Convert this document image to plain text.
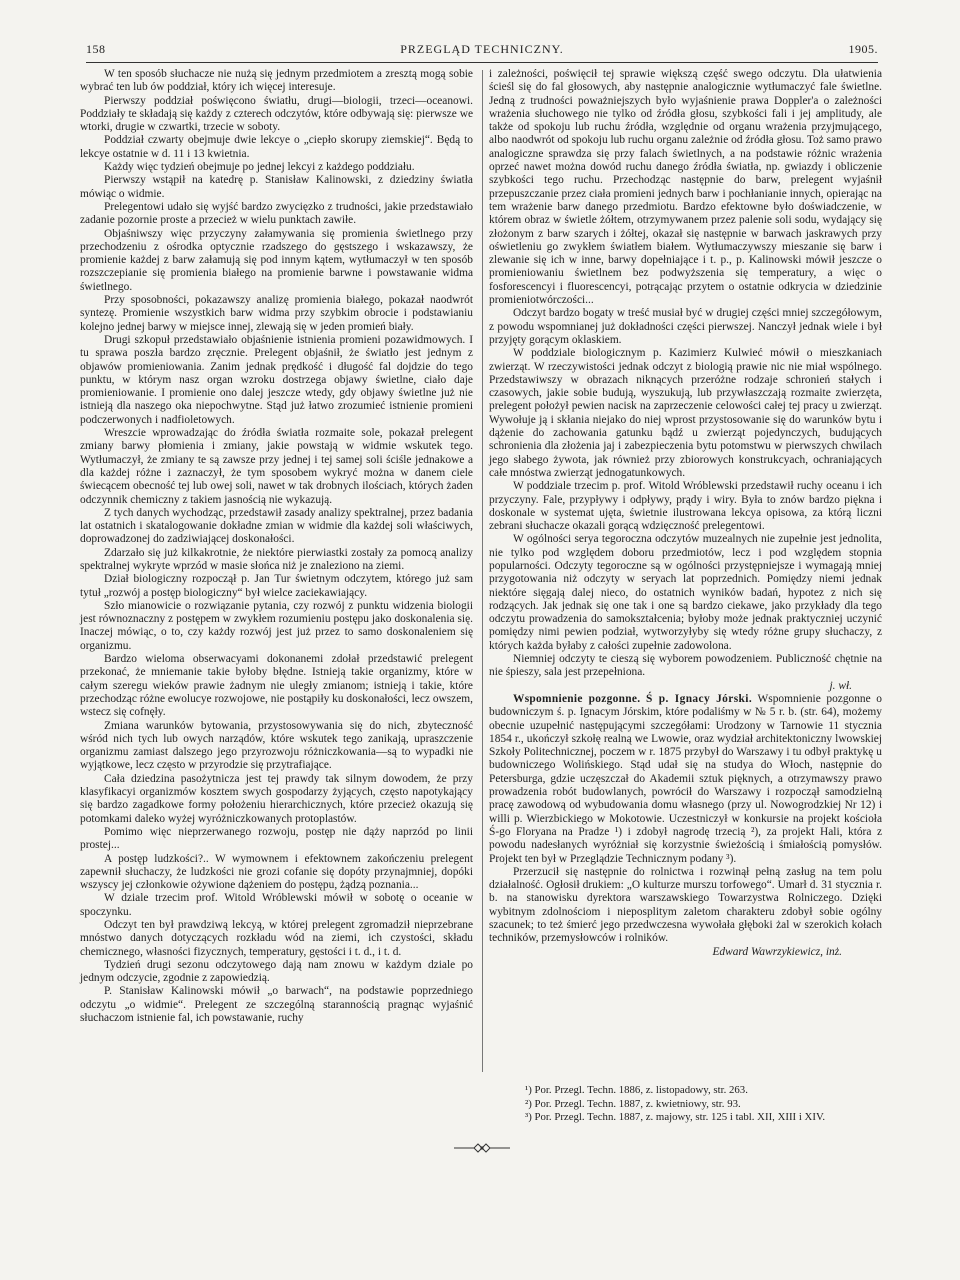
158	PRZEGLĄD TECHNICZNY.	1905.

W ten sposób słuchacze nie nużą się jednym przedmiotem a zresztą mogą sobie wybrać ten lub ów poddział, który ich więcej interesuje.

Pierwszy poddział poświęcono światłu, drugi—biologii, trzeci—oceanowi. Poddziały te składają się każdy z czterech odczytów, które odbywają się: pierwsze we wtorki, drugie w czwartki, trzecie w soboty.

Poddział czwarty obejmuje dwie lekcye o „ciepło skorupy ziemskiej“. Będą to lekcye ostatnie w d. 11 i 13 kwietnia.

Każdy więc tydzień obejmuje po jednej lekcyi z każdego poddziału.

Pierwszy wstąpił na katedrę p. Stanisław Kalinowski, z dziedziny światła mówiąc o widmie.

Prelegentowi udało się wyjść bardzo zwycięzko z trudności, jakie przedstawiało zadanie pozornie proste a przecież w wielu punktach zawiłe.

Objaśniwszy więc przyczyny załamywania się promienia świetlnego przy przechodzeniu z ośrodka optycznie rzadszego do gęstszego i wskazawszy, że promienie każdej z barw załamują się pod innym kątem, wytłumaczył w ten sposób rozszczepianie się promienia białego na promienie barwne i powstawanie widma świetlnego.

Przy sposobności, pokazawszy analizę promienia białego, pokazał naodwrót syntezę. Promienie wszystkich barw widma przy szybkim obrocie i podstawianiu kolejno jednej barwy w miejsce innej, zlewają się w jeden promień biały.

Drugi szkopuł przedstawiało objaśnienie istnienia promieni pozawidmowych. I tu sprawa poszła bardzo zręcznie. Prelegent objaśnił, że światło jest jednym z objawów promieniowania. Zanim jednak prędkość i długość fal dojdzie do tego punktu, w którym nasz organ wzroku dostrzega objawy świetlne, ciało daje promieniowanie. I promienie ono dalej jeszcze wtedy, gdy objawy świetlne już nie istnieją dla naszego oka niepochwytne. Stąd już łatwo zrozumieć istnienie promieni podczerwonych i nadfioletowych.

Wreszcie wprowadzając do źródła światła rozmaite sole, pokazał prelegent zmiany barwy płomienia i zmiany, jakie powstają w widmie wskutek tego. Wytłumaczył, że zmiany te są zawsze przy jednej i tej samej soli ściśle jednakowe a dla każdej różne i zaznaczył, że tym sposobem wykryć można w danem ciele świecącem obecność tej lub owej soli, nawet w tak drobnych ilościach, których żaden odczynnik chemiczny z takiem jasnością nie wykazują.

Z tych danych wychodząc, przedstawił zasady analizy spektralnej, przez badania lat ostatnich i skatalogowanie dokładne zmian w widmie dla każdej soli właściwych, doprowadzonej do zadziwiającej doskonałości.

Zdarzało się już kilkakrotnie, że niektóre pierwiastki zostały za pomocą analizy spektralnej wykryte wprzód w masie słońca niż je znaleziono na ziemi.

Dział biologiczny rozpoczął p. Jan Tur świetnym odczytem, którego już sam tytuł „rozwój a postęp biologiczny“ był wielce zaciekawiający.

Szło mianowicie o rozwiązanie pytania, czy rozwój z punktu widzenia biologii jest równoznaczny z postępem w zwykłem rozumieniu postępu jako doskonalenia się. Inaczej mówiąc, o to, czy każdy rozwój jest już przez to samo doskonaleniem się organizmu.

Bardzo wieloma obserwacyami dokonanemi zdołał przedstawić prelegent przekonać, że mniemanie takie byłoby błędne. Istnieją takie organizmy, które w całym szeregu wieków prawie żadnym nie uległy zmianom; istnieją i takie, które przechodząc różne ewolucye rozwojowe, nie postąpiły ku doskonałości, lecz owszem, wstecz się cofnęły.

Zmiana warunków bytowania, przystosowywania się do nich, zbyteczność wśród nich tych lub owych narządów, które wskutek tego zanikają, upraszczenie organizmu zamiast dalszego jego przyrozwoju różniczkowania—są to wypadki nie wyjątkowe, lecz często w przyrodzie się przytrafiające.

Cała dziedzina pasożytnicza jest tej prawdy tak silnym dowodem, że przy klasyfikacyi organizmów kosztem swych gospodarzy żyjących, często napotykający się bardzo zagadkowe formy położeniu hierarchicznych, które przecież okazują się potomkami daleko wyżej wyróżniczkowanych protoplastów.

Pomimo więc nieprzerwanego rozwoju, postęp nie dąży naprzód po linii prostej...

A postęp ludzkości?.. W wymownem i efektownem zakończeniu prelegent zapewnił słuchaczy, że ludzkości nie grozi cofanie się dopóty przynajmniej, dopóki wszyscy jej członkowie ożywione dążeniem do postępu, żądzą poznania...

W dziale trzecim prof. Witold Wróblewski mówił w sobotę o oceanie w spoczynku.

Odczyt ten był prawdziwą lekcyą, w której prelegent zgromadził nieprzebrane mnóstwo danych dotyczących rozkładu wód na ziemi, ich czystości, składu chemicznego, własności fizycznych, temperatury, gęstości i t. d., i t. d.

Tydzień drugi sezonu odczytowego dają nam znowu w każdym dziale po jednym odczycie, zgodnie z zapowiedzią.

P. Stanisław Kalinowski mówił „o barwach“, na podstawie poprzedniego odczytu „o widmie“. Prelegent ze szczególną starannością pragnąc wyjaśnić słuchaczom istnienie fal, ich powstawanie, ruchy

i zależności, poświęcił tej sprawie większą część swego odczytu. Dla ułatwienia ścieśl się do fal głosowych, aby następnie analogicznie wytłumaczyć fale świetlne. Jedną z trudności poważniejszych było wyjaśnienie prawa Doppler'a o zależności wrażenia słuchowego nie tylko od źródła głosu, szybkości fali i jej amplitudy, ale także od spokoju lub ruchu źródła, względnie od organu wrażenia przyjmującego, albo naodwrót od spokoju lub ruchu organu zależnie od źródła głosu. Toż samo prawo analogiczne sprawdza się przy falach świetlnych, a na podstawie różnic wrażenia oprzeć nawet można dowód ruchu danego źródła światła, np. gwiazdy i obliczenie szybkości tego ruchu. Przechodząc następnie do barw, prelegent wyjaśnił przepuszczanie przez ciała promieni jednych barw i pochłanianie innych, opierając na tem wrażenie barw danego przedmiotu. Bardzo efektowne było doświadczenie, w którem obraz w świetle żółtem, otrzymywanem przez palenie soli sodu, wydający się złożonym z barw szarych i żółtej, okazał się następnie w barwach jaskrawych przy oświetleniu go zwykłem światłem białem. Wytłumaczywszy mieszanie się barw i zlewanie się ich w inne, barwy dopełniające i t. p., p. Kalinowski mówił jeszcze o promieniowaniu świetlnem bez podwyższenia się temperatury, a więc o fosforescencyi i fluorescencyi, potrącając przytem o ostatnie odkrycia w dziedzinie promieniotwórczości...

Odczyt bardzo bogaty w treść musiał być w drugiej części mniej szczegółowym, z powodu wspomnianej już dokładności części pierwszej. Nanczył jednak wiele i był przyjęty gorącym oklaskiem.

W poddziale biologicznym p. Kazimierz Kulwieć mówił o mieszkaniach zwierząt. W rzeczywistości jednak odczyt z biologią prawie nic nie miał wspólnego. Przedstawiwszy w obrazach niknących przeróżne rodzaje schronień stałych i czasowych, jakie sobie budują, wyszukują, lub przywłaszczają rozmaite zwierzęta, prelegent położył pewien nacisk na zaprzeczenie celowości całej tej pracy u zwierząt. Wywołuje ją i skłania niejako do niej wprost przystosowanie się do warunków bytu i dążenie do zachowania gatunku bądź u zwierząt pojedynczych, budujących schronienia dla złożenia jaj i zabezpieczenia bytu potomstwu w pierwszych chwilach jego słabego żywota, jak również przy zbiorowych konstrukcyach, ochraniających całe mnóstwa zwierząt jednogatunkowych.

W poddziale trzecim p. prof. Witold Wróblewski przedstawił ruchy oceanu i ich przyczyny. Fale, przypływy i odpływy, prądy i wiry. Była to znów bardzo piękna i doskonale w systemat ujęta, świetnie ilustrowana lekcya opisowa, za którą liczni zebrani słuchacze okazali gorącą wdzięczność prelegentowi.

W ogólności serya tegoroczna odczytów muzealnych nie zupełnie jest jednolita, nie tylko pod względem doboru przedmiotów, lecz i pod względem stopnia popularności. Odczyty tegoroczne są w ogólności przystępniejsze i wymagają mniej przygotowania niż odczyty w seryach lat poprzednich. Pomiędzy niemi jednak niektóre sięgają dalej nieco, do ostatnich wyników badań, hypotez z nich się rodzących. Jak jednak się one tak i one są bardzo ciekawe, jako przykłady dla tego odczytu prowadzenia do samokształcenia; byłoby może jednak praktyczniej uczynić pomiędzy nimi pewien podział, wytworzyłyby się wtedy różne grupy słuchaczy, z których każda byłaby z całości zupełnie zadowolona.

Niemniej odczyty te cieszą się wyborem powodzeniem. Publiczność chętnie na nie śpieszy, sala jest przepełniona.

j. wł.

Wspomnienie pozgonne. Ś p. Ignacy Jórski. Wspomnienie pozgonne o budowniczym ś. p. Ignacym Jórskim, które podaliśmy w № 5 r. b. (str. 64), możemy obecnie uzupełnić następującymi szczegółami: Urodzony w Tarnowie 11 stycznia 1854 r., ukończył szkołę realną we Lwowie, oraz wydział architektoniczny lwowskiej Szkoły Politechnicznej, poczem w r. 1875 przybył do Warszawy i tu odbył praktykę u budowniczego Wolińskiego. Stąd udał się na studya do Włoch, następnie do Petersburga, gdzie uczęszczał do Akademii sztuk pięknych, a otrzymawszy prawo prowadzenia robót budowlanych, powrócił do Warszawy i rozpoczął samodzielną pracę zawodową od wybudowania domu własnego (przy ul. Nowogrodzkiej Nr 12) i willi p. Wierzbickiego w Mokotowie. Uczestniczył w konkursie na projekt kościoła Ś-go Floryana na Pradze ¹) i zdobył nagrodę trzecią ²), za projekt Hali, która z powodu nadesłanych wyróżniał się korzystnie świeżością i śmiałością pomysłów. Projekt ten był w Przeglądzie Technicznym podany ³).

Przerzucił się następnie do rolnictwa i rozwinął pełną zasług na tem polu działalność. Ogłosił drukiem: „O kulturze murszu torfowego“. Umarł d. 31 stycznia r. b. na stanowisku dyrektora warszawskiego Towarzystwa Rolniczego. Dzięki wybitnym zdolnościom i nieposplitym zaletom charakteru zdobył sobie ogólny szacunek; to też śmierć jego przedwczesna wywołała głęboki żal w szerokich kołach techników, przemysłowców i rolników.

Edward Wawrzykiewicz, inż.

¹) Por. Przegl. Techn. 1886, z. listopadowy, str. 263.
²) Por. Przegl. Techn. 1887, z. kwietniowy, str. 93.
³) Por. Przegl. Techn. 1887, z. majowy, str. 125 i tabl. XII, XIII i XIV.
